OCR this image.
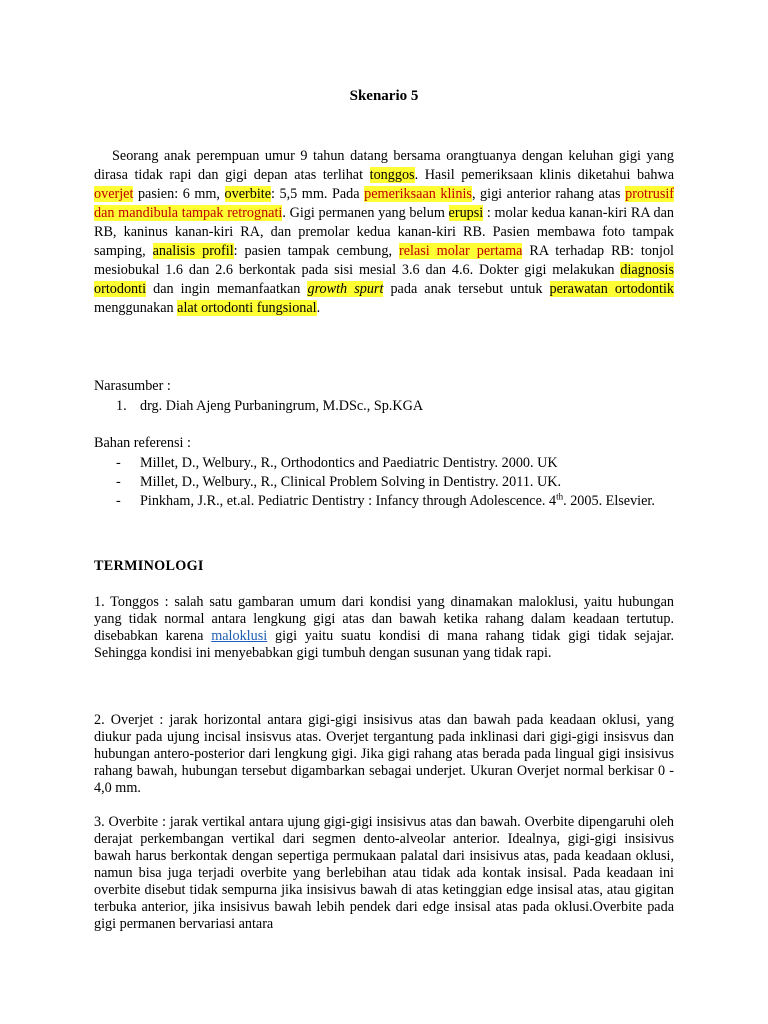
Skenario 5
Seorang anak perempuan umur 9 tahun datang bersama orangtuanya dengan keluhan gigi yang dirasa tidak rapi dan gigi depan atas terlihat tonggos. Hasil pemeriksaan klinis diketahui bahwa overjet pasien: 6 mm, overbite: 5,5 mm. Pada pemeriksaan klinis, gigi anterior rahang atas protrusif dan mandibula tampak retrognati. Gigi permanen yang belum erupsi : molar kedua kanan-kiri RA dan RB, kaninus kanan-kiri RA, dan premolar kedua kanan-kiri RB. Pasien membawa foto tampak samping, analisis profil: pasien tampak cembung, relasi molar pertama RA terhadap RB: tonjol mesiobukal 1.6 dan 2.6 berkontak pada sisi mesial 3.6 dan 4.6. Dokter gigi melakukan diagnosis ortodonti dan ingin memanfaatkan growth spurt pada anak tersebut untuk perawatan ortodontik menggunakan alat ortodonti fungsional.
Narasumber :
1. drg. Diah Ajeng Purbaningrum, M.DSc., Sp.KGA
Bahan referensi :
- Millet, D., Welbury., R., Orthodontics and Paediatric Dentistry. 2000. UK
- Millet, D., Welbury., R., Clinical Problem Solving in Dentistry. 2011. UK.
- Pinkham, J.R., et.al. Pediatric Dentistry : Infancy through Adolescence. 4th. 2005. Elsevier.
TERMINOLOGI
1. Tonggos : salah satu gambaran umum dari kondisi yang dinamakan maloklusi, yaitu hubungan yang tidak normal antara lengkung gigi atas dan bawah ketika rahang dalam keadaan tertutup. disebabkan karena maloklusi gigi yaitu suatu kondisi di mana rahang tidak gigi tidak sejajar. Sehingga kondisi ini menyebabkan gigi tumbuh dengan susunan yang tidak rapi.
2. Overjet : jarak horizontal antara gigi-gigi insisivus atas dan bawah pada keadaan oklusi, yang diukur pada ujung incisal insisvus atas. Overjet tergantung pada inklinasi dari gigi-gigi insisvus dan hubungan antero-posterior dari lengkung gigi. Jika gigi rahang atas berada pada lingual gigi insisivus rahang bawah, hubungan tersebut digambarkan sebagai underjet. Ukuran Overjet normal berkisar 0 - 4,0 mm.
3. Overbite : jarak vertikal antara ujung gigi-gigi insisivus atas dan bawah. Overbite dipengaruhi oleh derajat perkembangan vertikal dari segmen dento-alveolar anterior. Idealnya, gigi-gigi insisivus bawah harus berkontak dengan sepertiga permukaan palatal dari insisivus atas, pada keadaan oklusi, namun bisa juga terjadi overbite yang berlebihan atau tidak ada kontak insisal. Pada keadaan ini overbite disebut tidak sempurna jika insisivus bawah di atas ketinggian edge insisal atas, atau gigitan terbuka anterior, jika insisivus bawah lebih pendek dari edge insisal atas pada oklusi.Overbite pada gigi permanen bervariasi antara
